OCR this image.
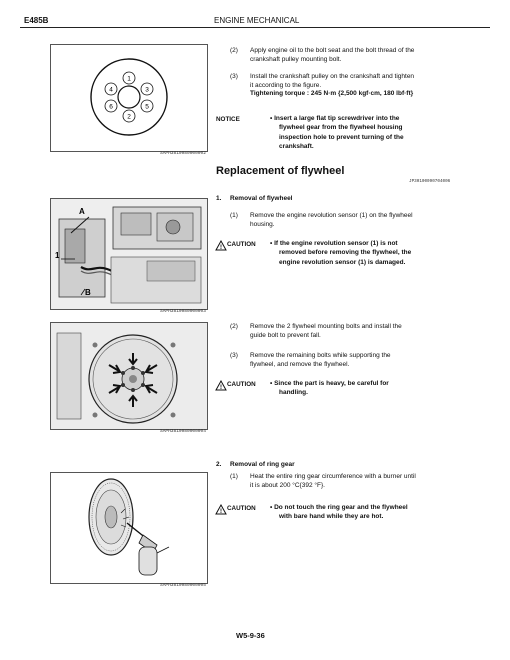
E485B	ENGINE MECHANICAL
1
3
5
2
6
4
SAPH3810080000002
(2)	Apply engine oil to the bolt seat and the bolt thread of the
crankshaft pulley mounting bolt.
(3)	Install the crankshaft pulley on the crankshaft and tighten
it according to the figure.
Tightening torque : 245 N·m {2,500 kgf·cm, 180 lbf·ft}
NOTICE	• Insert a large flat tip screwdriver into the
flywheel gear from the flywheel housing
inspection hole to prevent turning of the
crankshaft.
Replacement of flywheel
JP30100090704006
A
1
B
SAPH3810080000003
1. Removal of flywheel
(1)	Remove the engine revolution sensor (1) on the flywheel
housing.
! CAUTION • If the engine revolution sensor (1) is not
removed before removing the flywheel, the
engine revolution sensor (1) is damaged.
SAPH3810080000004
(2)	Remove the 2 flywheel mounting bolts and install the
guide bolt to prevent fall.
(3)	Remove the remaining bolts while supporting the
flywheel, and remove the flywheel.
! CAUTION • Since the part is heavy, be careful for
handling.
2. Removal of ring gear
(1)	Heat the entire ring gear circumference with a burner until
it is about 200 °C{392 °F}.
! CAUTION • Do not touch the ring gear and the flywheel
with bare hand while they are hot.
SAPH3810080000005
W5-9-36
